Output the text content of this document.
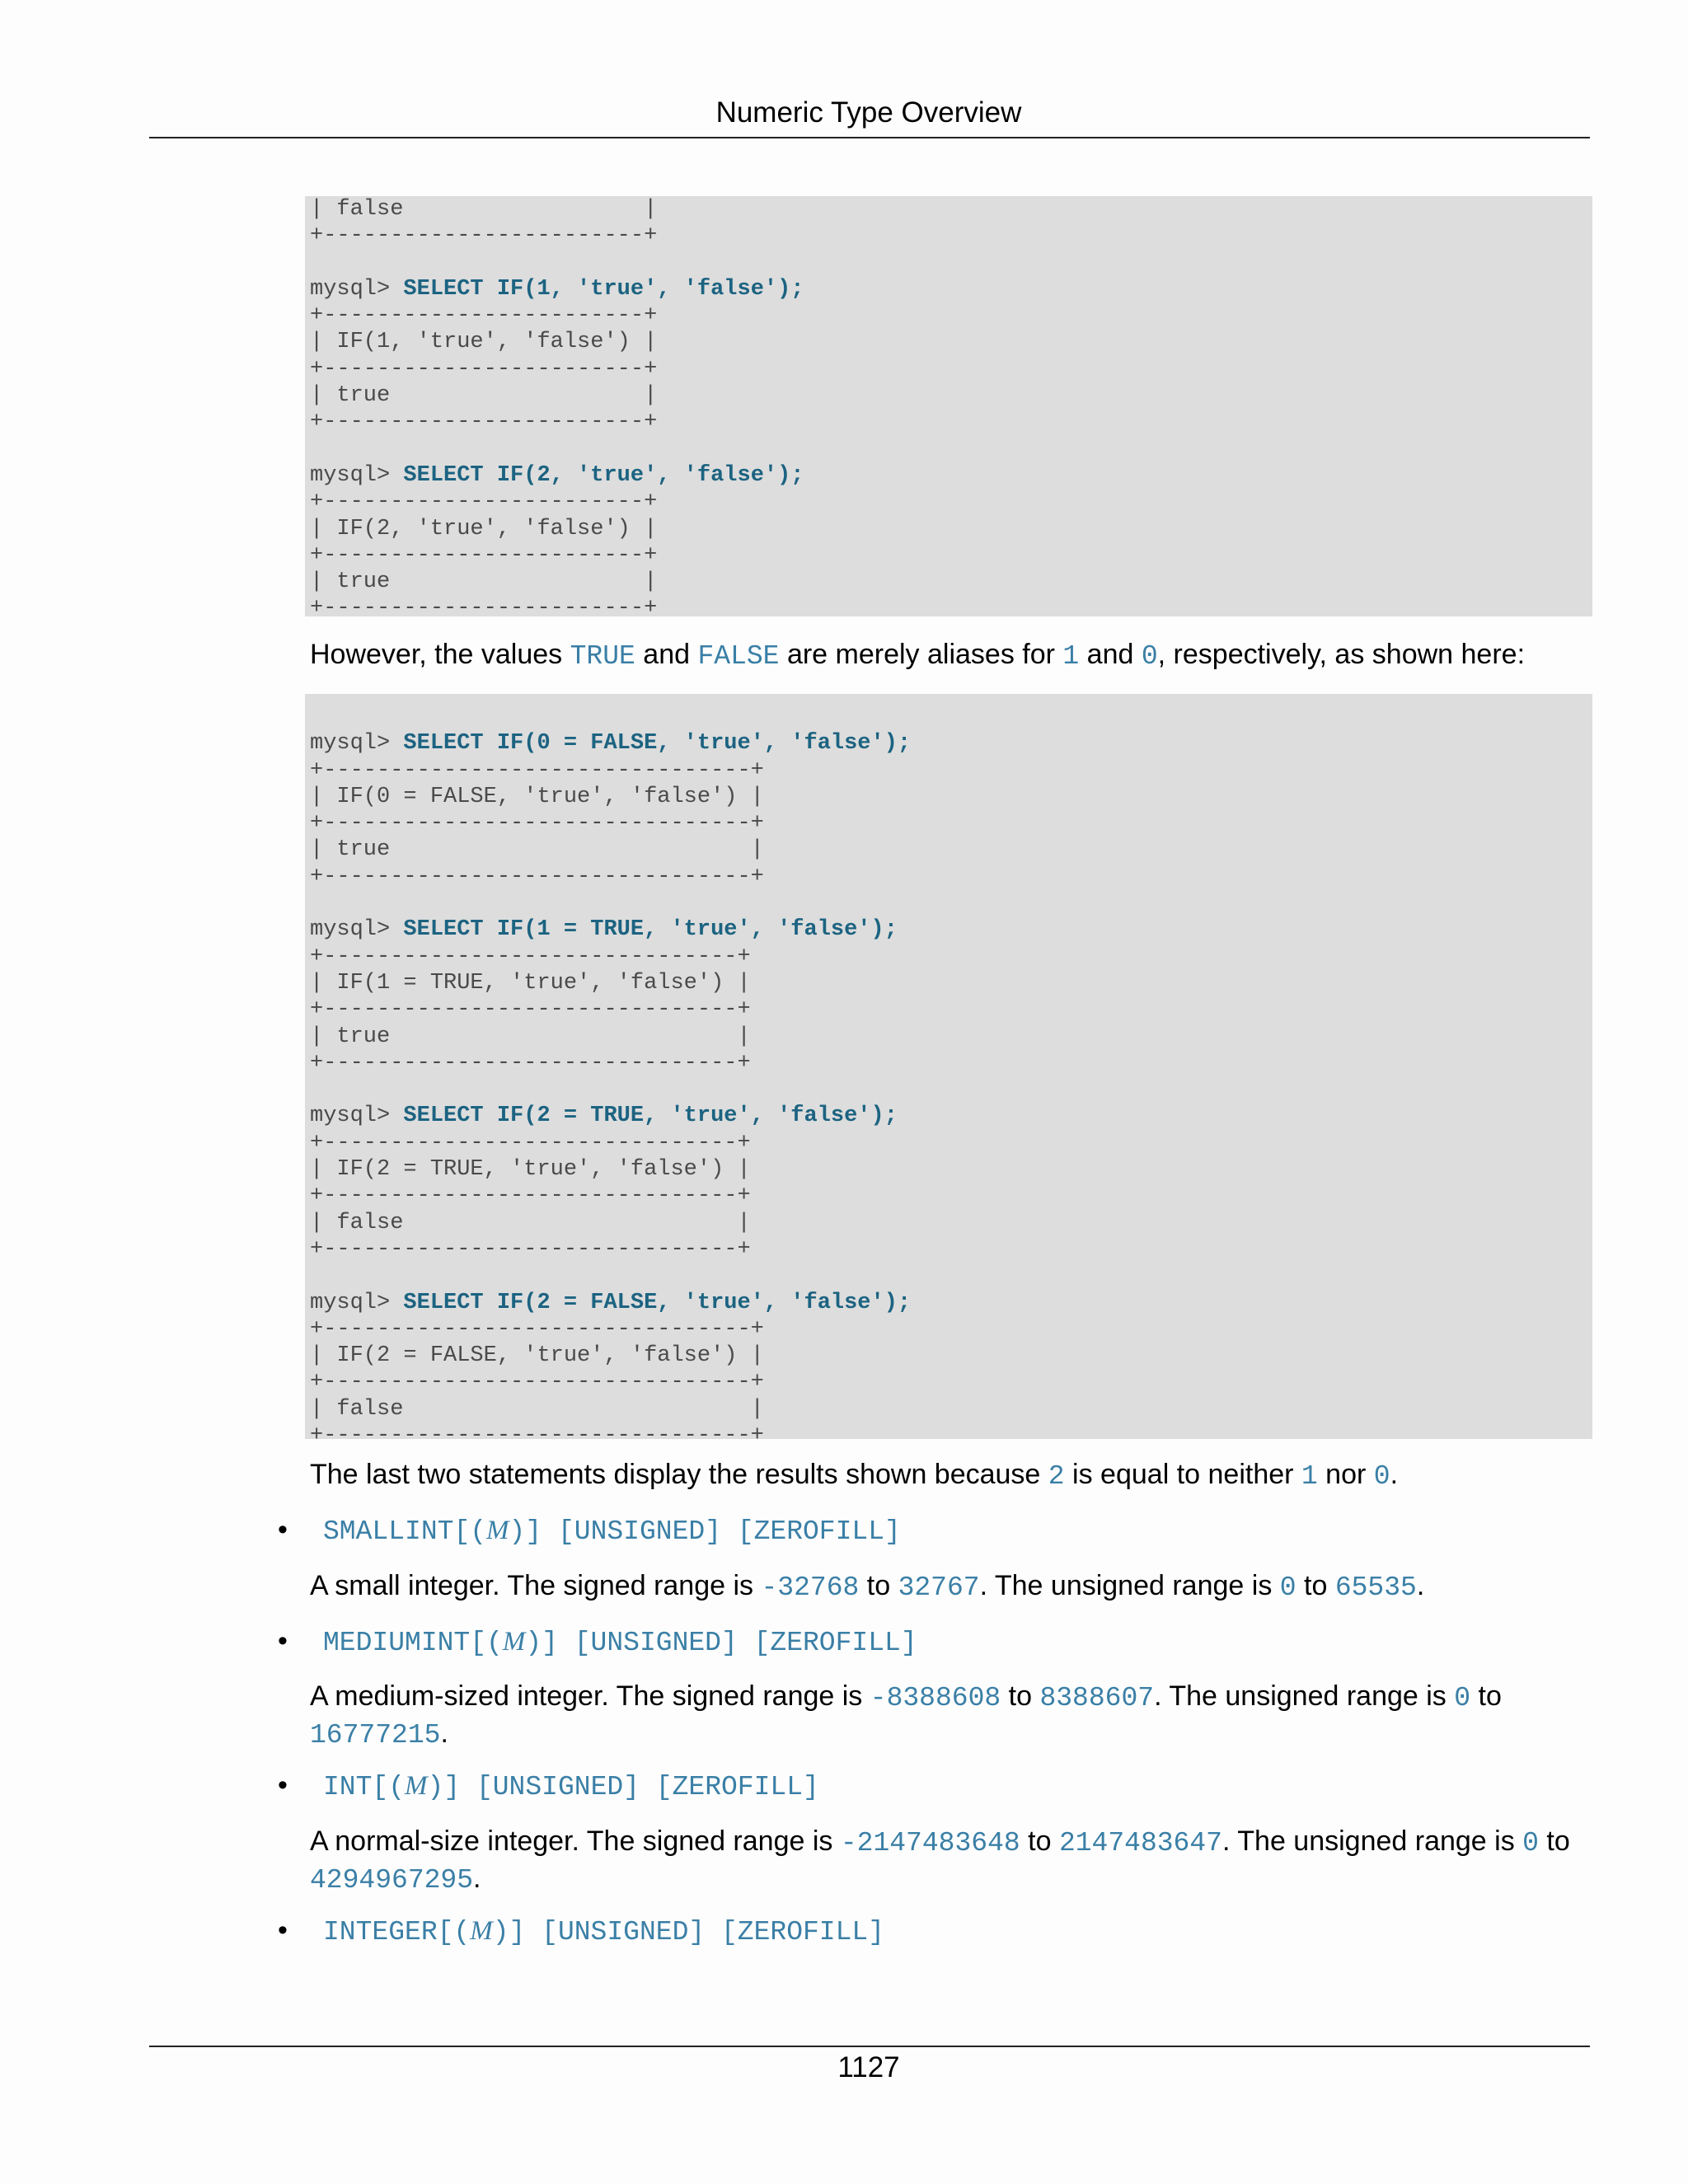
Numeric Type Overview
| false                  |
+------------------------+

mysql> SELECT IF(1, 'true', 'false');
+------------------------+
| IF(1, 'true', 'false') |
+------------------------+
| true                   |
+------------------------+

mysql> SELECT IF(2, 'true', 'false');
+------------------------+
| IF(2, 'true', 'false') |
+------------------------+
| true                   |
+------------------------+

However, the values TRUE and FALSE are merely aliases for 1 and 0, respectively, as shown here:

mysql> SELECT IF(0 = FALSE, 'true', 'false');
+--------------------------------+
| IF(0 = FALSE, 'true', 'false') |
+--------------------------------+
| true                           |
+--------------------------------+

mysql> SELECT IF(1 = TRUE, 'true', 'false');
+-------------------------------+
| IF(1 = TRUE, 'true', 'false') |
+-------------------------------+
| true                          |
+-------------------------------+

mysql> SELECT IF(2 = TRUE, 'true', 'false');
+-------------------------------+
| IF(2 = TRUE, 'true', 'false') |
+-------------------------------+
| false                         |
+-------------------------------+

mysql> SELECT IF(2 = FALSE, 'true', 'false');
+--------------------------------+
| IF(2 = FALSE, 'true', 'false') |
+--------------------------------+
| false                          |
+--------------------------------+

The last two statements display the results shown because 2 is equal to neither 1 nor 0.
• SMALLINT[(M)] [UNSIGNED] [ZEROFILL]
A small integer. The signed range is -32768 to 32767. The unsigned range is 0 to 65535.
• MEDIUMINT[(M)] [UNSIGNED] [ZEROFILL]
A medium-sized integer. The signed range is -8388608 to 8388607. The unsigned range is 0 to 16777215.
• INT[(M)] [UNSIGNED] [ZEROFILL]
A normal-size integer. The signed range is -2147483648 to 2147483647. The unsigned range is 0 to 4294967295.
• INTEGER[(M)] [UNSIGNED] [ZEROFILL]
1127
